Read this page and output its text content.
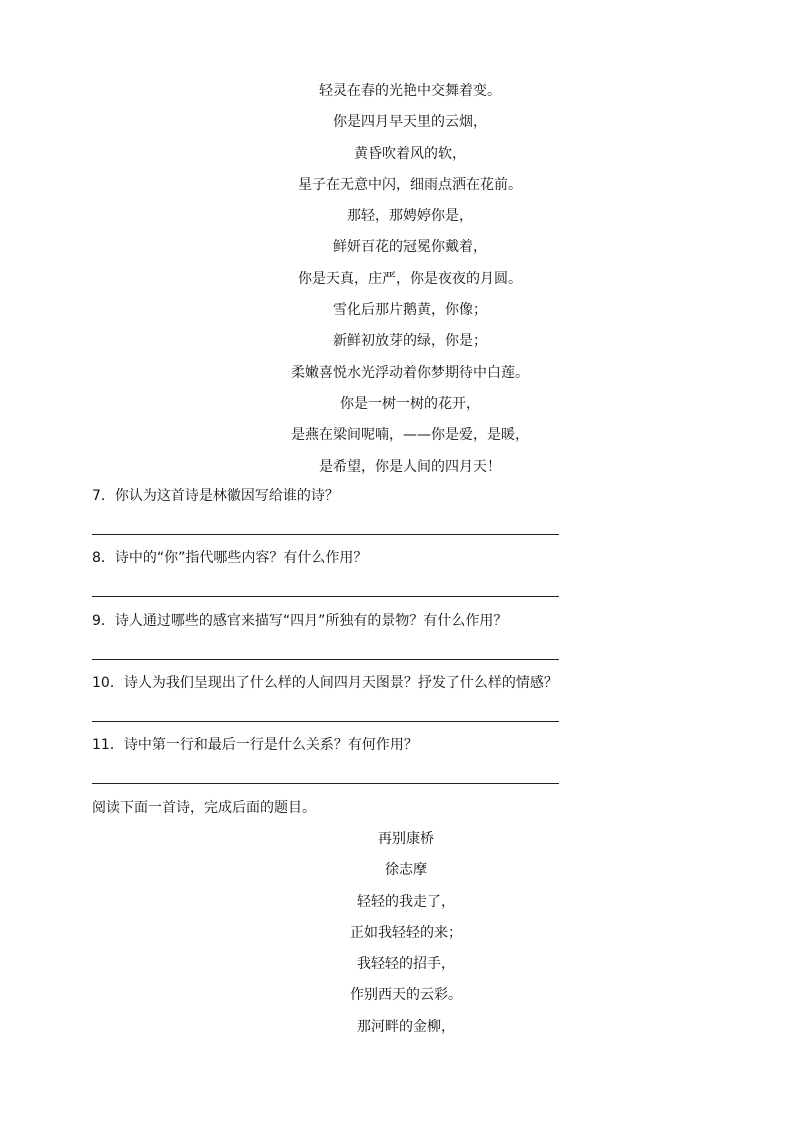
轻灵在春的光艳中交舞着变。
你是四月早天里的云烟，
黄昏吹着风的软，
星子在无意中闪，细雨点洒在花前。
那轻，那娉婷你是，
鲜妍百花的冠冕你戴着，
你是天真，庄严，你是夜夜的月圆。
雪化后那片鹅黄，你像；
新鲜初放芽的绿，你是；
柔嫩喜悦水光浮动着你梦期待中白莲。
你是一树一树的花开，
是燕在梁间呢喃，——你是爱，是暖，
是希望，你是人间的四月天！
7．你认为这首诗是林徽因写给谁的诗？
8．诗中的“你”指代哪些内容？有什么作用？
9．诗人通过哪些的感官来描写“四月”所独有的景物？有什么作用？
10．诗人为我们呈现出了什么样的人间四月天图景？抒发了什么样的情感？
11．诗中第一行和最后一行是什么关系？有何作用？
阅读下面一首诗，完成后面的题目。
再别康桥
徐志摩
轻轻的我走了，
正如我轻轻的来；
我轻轻的招手，
作别西天的云彩。
那河畔的金柳，
